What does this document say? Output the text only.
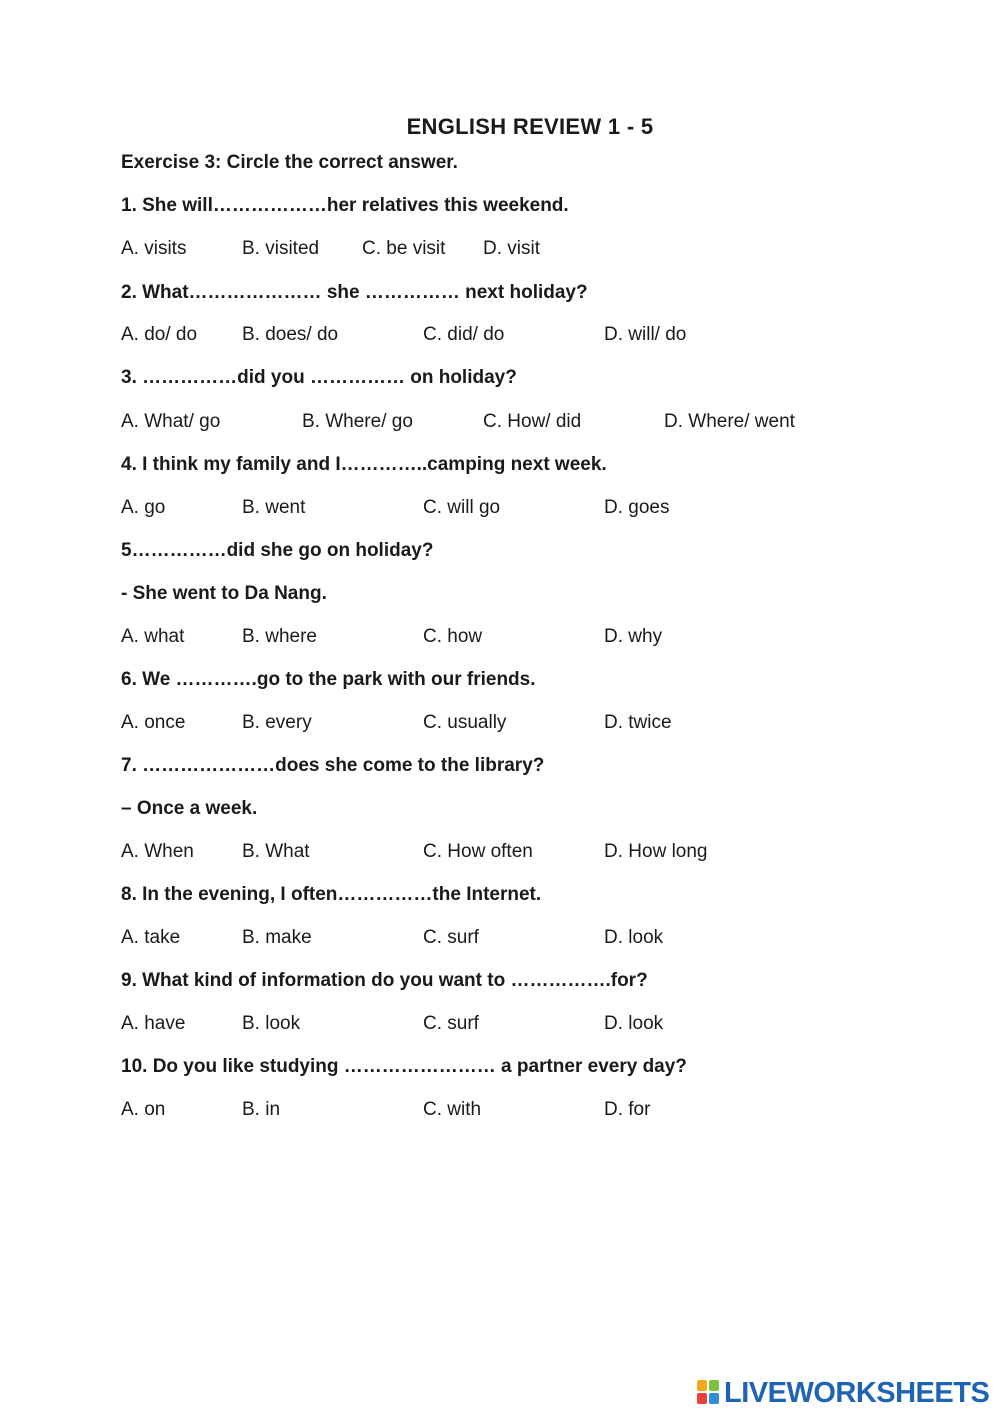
ENGLISH REVIEW 1 - 5
Exercise 3: Circle the correct answer.
1. She will………………her relatives this weekend.
A. visits	B. visited C. be visit D. visit
2. What………………… she …………… next holiday?
A. do/ do B. does/ do	C. did/ do	D. will/ do
3. ……………did you …………… on holiday?
A. What/ go	B. Where/ go	C. How/ did	D. Where/ went
4. I think my family and I…………..camping next week.
A. go	B. went	C. will go	D. goes
5……………did she go on holiday?
- She went to Da Nang.
A. what	B. where	C. how	D. why
6. We ………….go to the park with our friends.
A. once	B. every	C. usually	D. twice
7. …………………does she come to the library?
– Once a week.
A. When	B. What	C. How often	D. How long
8. In the evening, I often……………the Internet.
A. take	B. make	C. surf	D. look
9. What kind of information do you want to …………….for?
A. have	B. look	C. surf	D. look
10. Do you like studying …………………… a partner every day?
A. on	B. in	C. with	D. for
LIVEWORKSHEETS
